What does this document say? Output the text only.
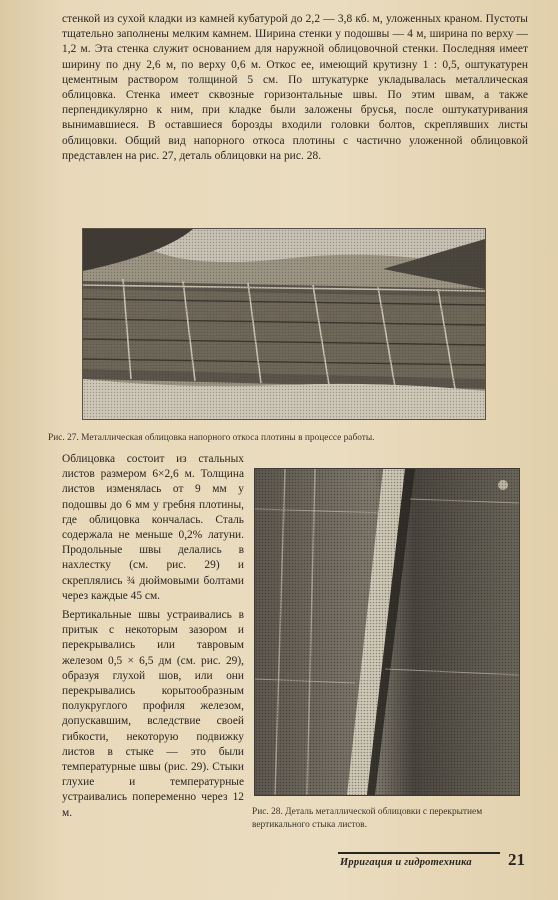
стенкой из сухой кладки из камней кубатурой до 2,2 — 3,8 кб. м, уложенных краном. Пустоты тщательно заполнены мелким камнем. Ширина стенки у подошвы — 4 м, ширина по верху — 1,2 м. Эта стенка служит основанием для наружной облицовочной стенки. Последняя имеет ширину по дну 2,6 м, по верху 0,6 м. Откос ее, имеющий крутизну 1 : 0,5, оштукатурен цементным раствором толщиной 5 см. По штукатурке укладывалась металлическая облицовка. Стенка имеет сквозные горизонтальные швы. По этим швам, а также перпендикулярно к ним, при кладке были заложены брусья, после оштукатуривания вынимавшиеся. В оставшиеся борозды входили головки болтов, скреплявших листы облицовки. Общий вид напорного откоса плотины с частично уложенной облицовкой представлен на рис. 27, деталь облицовки на рис. 28.
Рис. 27. Металлическая облицовка напорного откоса плотины в процессе работы.

Облицовка состоит из стальных листов размером 6×2,6 м. Толщина листов изменялась от 9 мм у подошвы до 6 мм у гребня плотины, где облицовка кончалась. Сталь содержала не меньше 0,2% латуни. Продольные швы делались в нахлестку (см. рис. 29) и скреплялись ¾ дюймовыми болтами через каждые 45 см.

Вертикальные швы устраивались в притык с некоторым зазором и перекрывались или тавровым железом 0,5 × 6,5 дм (см. рис. 29), образуя глухой шов, или они перекрывались корытообразным полукруглого профиля железом, допускавшим, вследствие своей гибкости, некоторую подвижку листов в стыке — это были температурные швы (рис. 29). Стыки глухие и температурные устраивались попеременно через 12 м.	Рис. 28. Деталь металлической облицовки с перекрытием вертикального стыка листов.
Ирригация и гидротехника 21
